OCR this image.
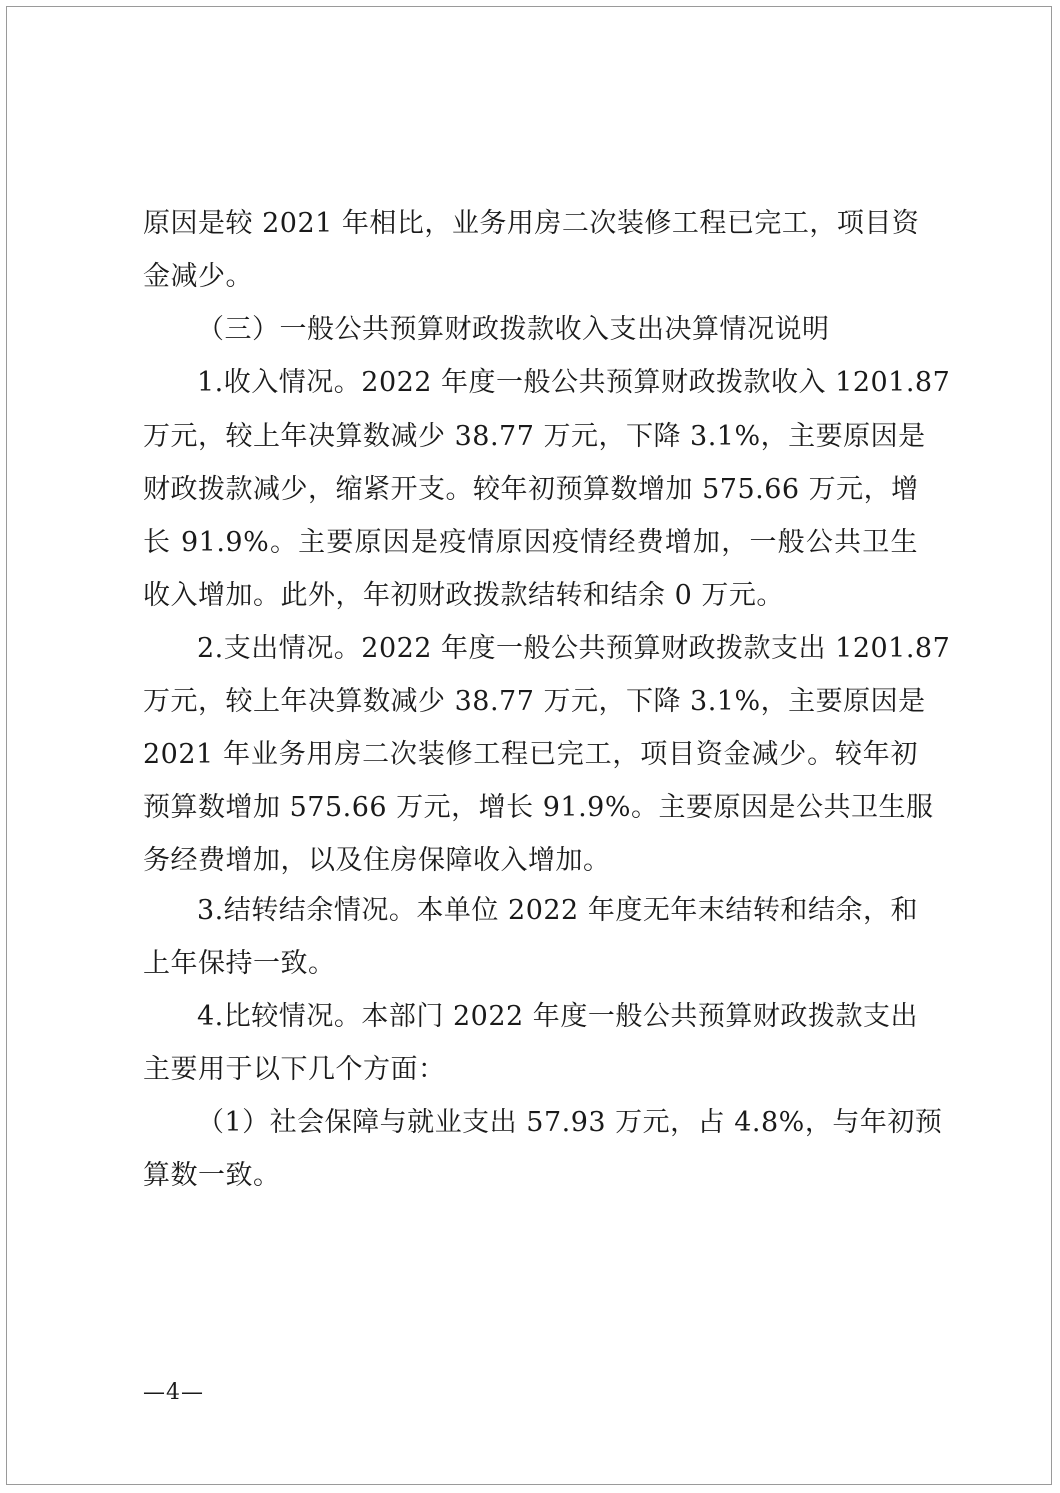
原因是较 2021 年相比，业务用房二次装修工程已完工，项目资
金减少。
（三）一般公共预算财政拨款收入支出决算情况说明
1.收入情况。2022 年度一般公共预算财政拨款收入 1201.87
万元，较上年决算数减少 38.77 万元，下降 3.1%，主要原因是
财政拨款减少，缩紧开支。较年初预算数增加 575.66 万元，增
长 91.9%。主要原因是疫情原因疫情经费增加，一般公共卫生
收入增加。此外，年初财政拨款结转和结余 0 万元。
2.支出情况。2022 年度一般公共预算财政拨款支出 1201.87
万元，较上年决算数减少 38.77 万元，下降 3.1%，主要原因是
2021 年业务用房二次装修工程已完工，项目资金减少。较年初
预算数增加 575.66 万元，增长 91.9%。主要原因是公共卫生服
务经费增加，以及住房保障收入增加。
3.结转结余情况。本单位 2022 年度无年末结转和结余，和
上年保持一致。
4.比较情况。本部门 2022 年度一般公共预算财政拨款支出
主要用于以下几个方面：
（1）社会保障与就业支出 57.93 万元，占 4.8%，与年初预
算数一致。
—4—
